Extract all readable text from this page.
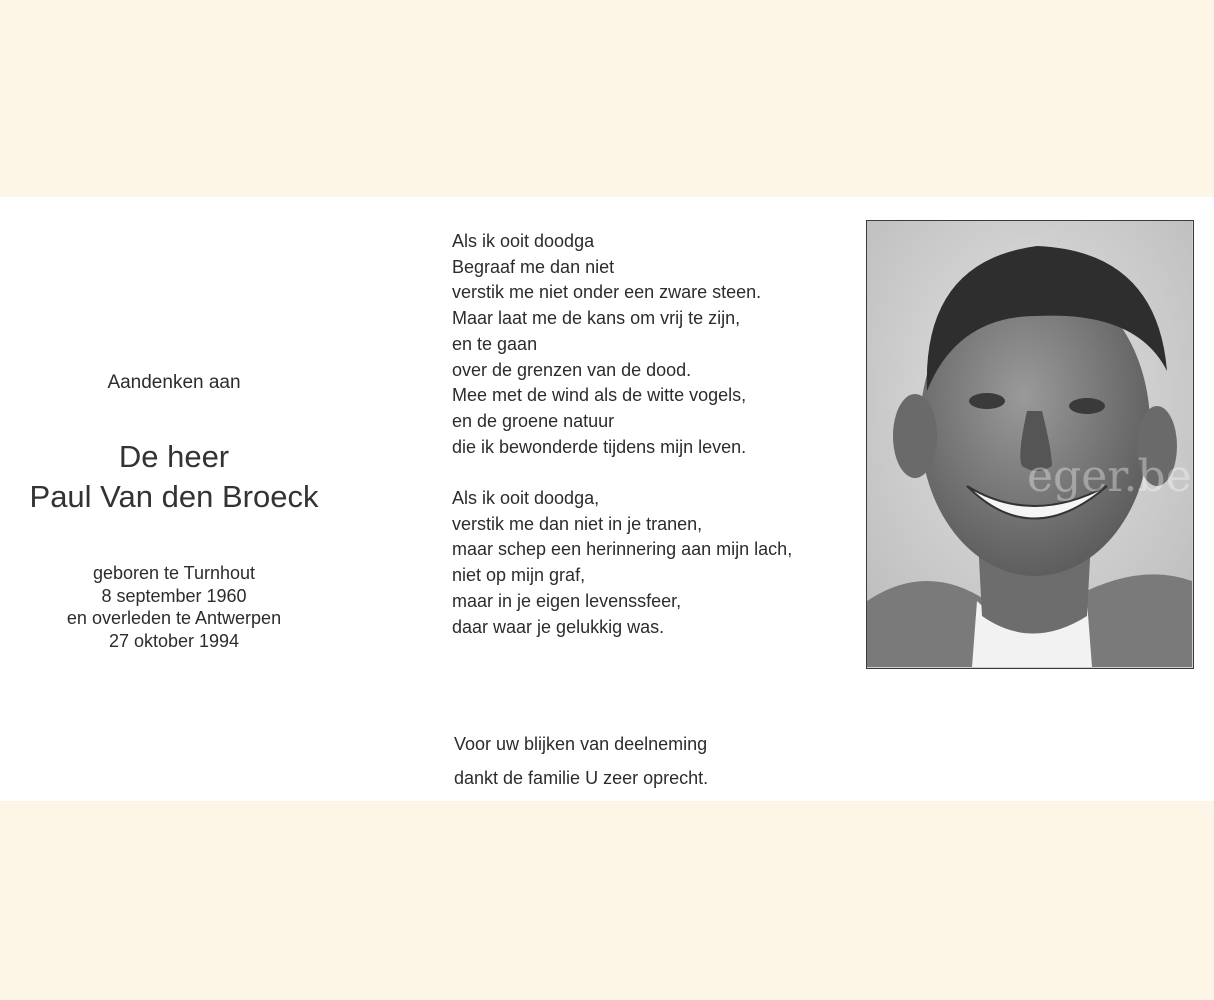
Aandenken aan
De heer
Paul Van den Broeck
geboren te Turnhout
8 september 1960
en overleden te Antwerpen
27 oktober 1994
Als ik ooit doodga
Begraaf me dan niet
verstik me niet onder een zware steen.
Maar laat me de kans om vrij te zijn,
en te gaan
over de grenzen van de dood.
Mee met de wind als de witte vogels,
en de groene natuur
die ik bewonderde tijdens mijn leven.
Als ik ooit doodga,
verstik me dan niet in je tranen,
maar schep een herinnering aan mijn lach,
niet op mijn graf,
maar in je eigen levenssfeer,
daar waar je gelukkig was.
Voor uw blijken van deelneming
dankt de familie U zeer oprecht.
eger.be
